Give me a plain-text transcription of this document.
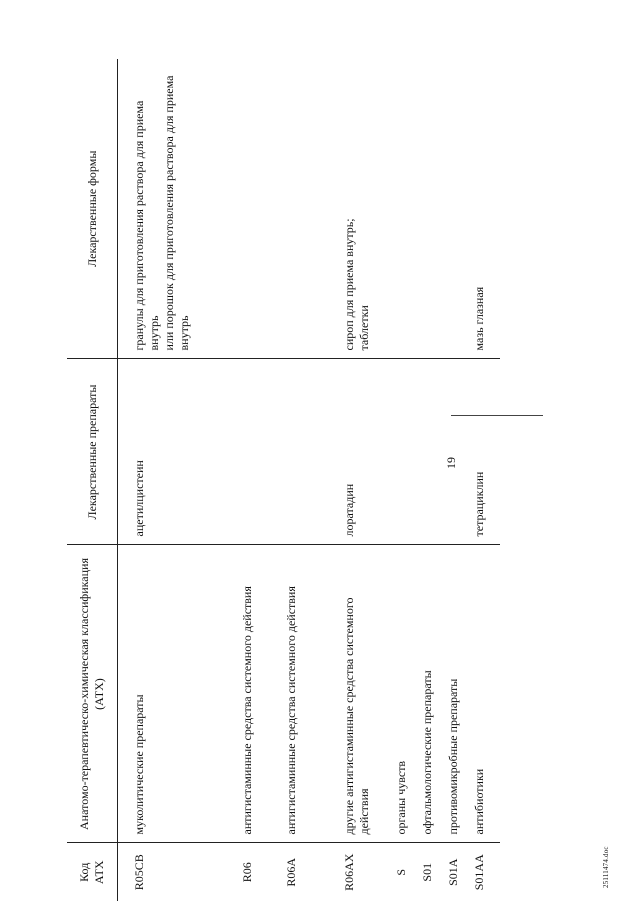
19
Код АТХ	Анатомо-терапевтическо-химическая классификация (АТХ)	Лекарственные препараты	Лекарственные формы
R05CB	муколитические препараты	ацетилцистеин	гранулы для приготовления раствора для приема внутрь
или порошок для приготовления раствора для приема внутрь
R06	антигистаминные средства системного действия		
R06A	антигистаминные средства системного действия		
R06AX	другие антигистаминные средства системного действия	лоратадин	сироп для приема внутрь;
таблетки
S	органы чувств		
S01	офтальмологические препараты		
S01A	противомикробные препараты		
S01AA	антибиотики	тетрациклин	мазь глазная
25111474.doc
